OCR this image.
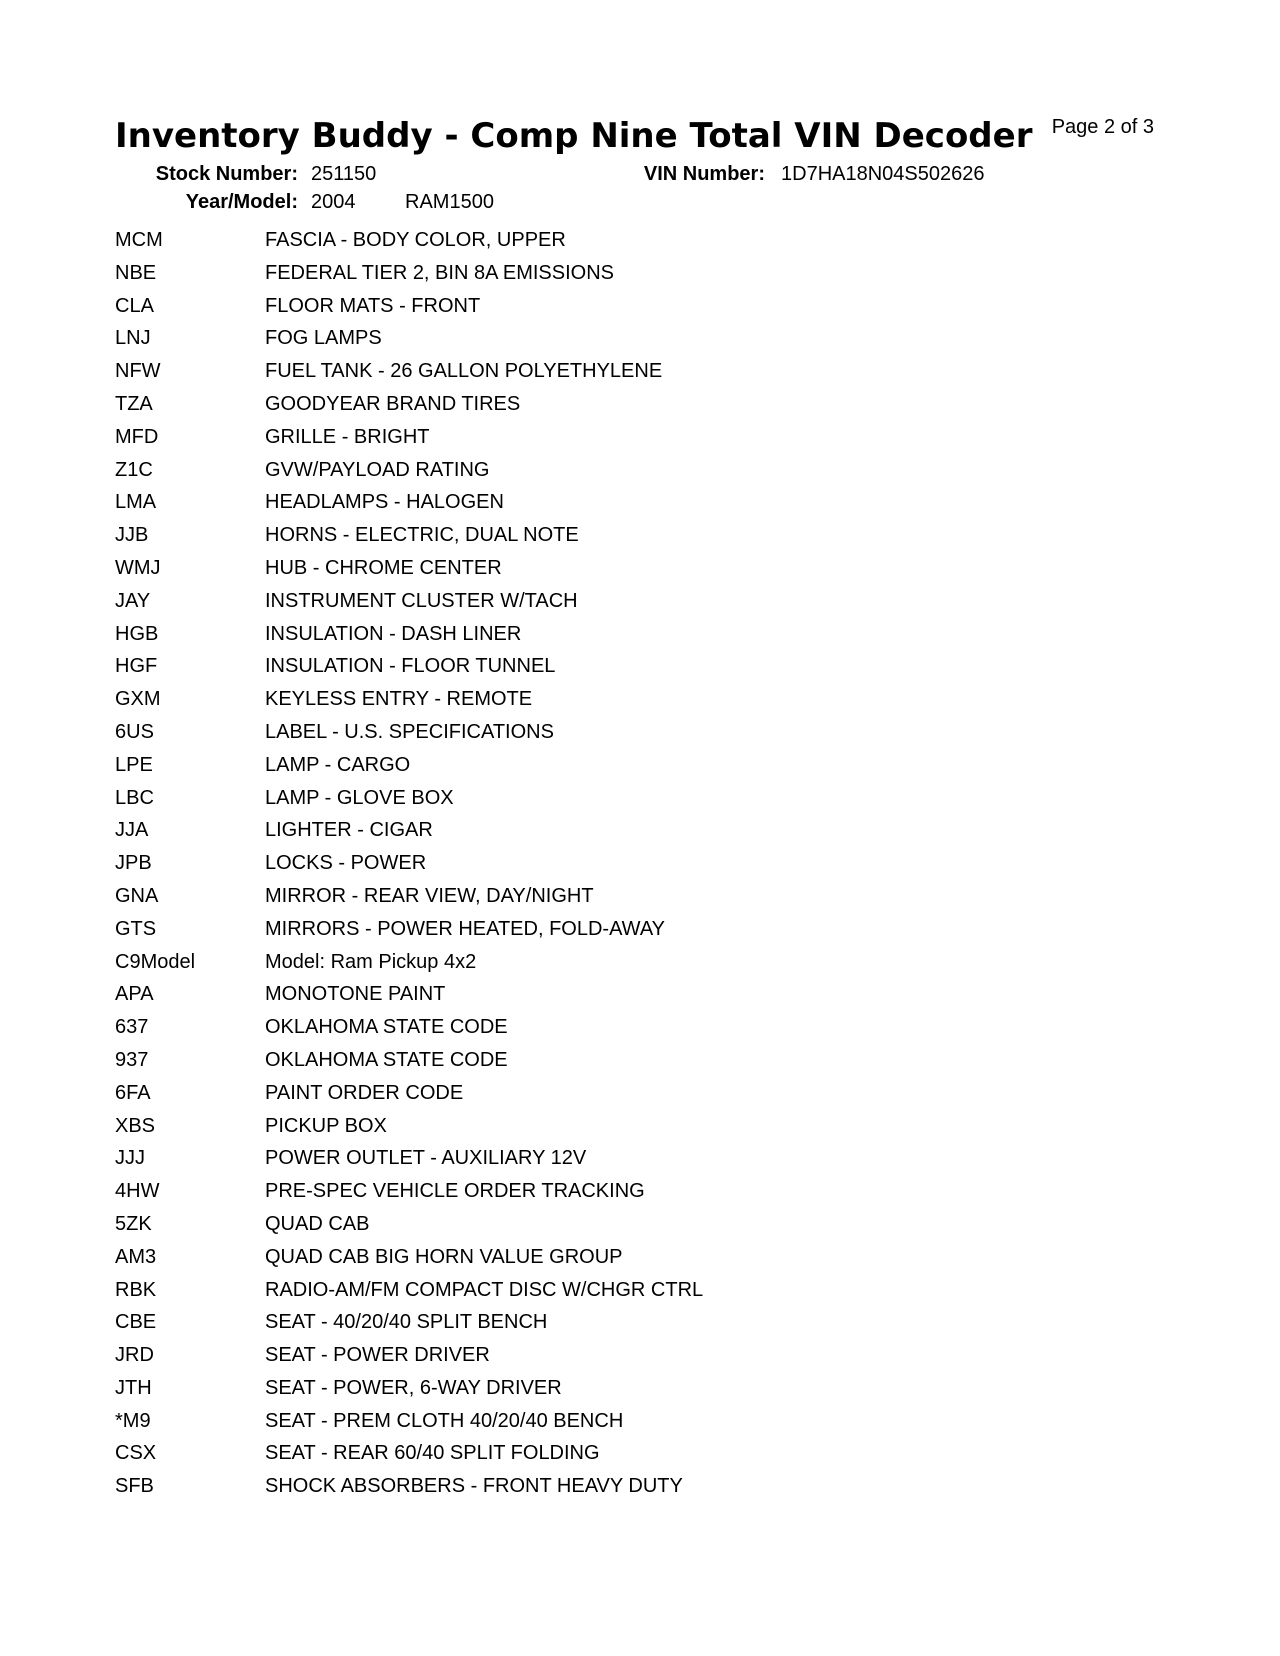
Inventory Buddy - Comp Nine Total VIN Decoder Page 2 of 3
Stock Number: 251150
Year/Model: 2004 RAM1500
VIN Number: 1D7HA18N04S502626
MCM	FASCIA - BODY COLOR, UPPER
NBE	FEDERAL TIER 2, BIN 8A EMISSIONS
CLA	FLOOR MATS - FRONT
LNJ	FOG LAMPS
NFW	FUEL TANK - 26 GALLON POLYETHYLENE
TZA	GOODYEAR BRAND TIRES
MFD	GRILLE - BRIGHT
Z1C	GVW/PAYLOAD RATING
LMA	HEADLAMPS - HALOGEN
JJB	HORNS - ELECTRIC, DUAL NOTE
WMJ	HUB - CHROME CENTER
JAY	INSTRUMENT CLUSTER W/TACH
HGB	INSULATION - DASH LINER
HGF	INSULATION - FLOOR TUNNEL
GXM	KEYLESS ENTRY - REMOTE
6US	LABEL - U.S. SPECIFICATIONS
LPE	LAMP - CARGO
LBC	LAMP - GLOVE BOX
JJA	LIGHTER - CIGAR
JPB	LOCKS - POWER
GNA	MIRROR - REAR VIEW, DAY/NIGHT
GTS	MIRRORS - POWER HEATED, FOLD-AWAY
C9Model	Model: Ram Pickup 4x2
APA	MONOTONE PAINT
637	OKLAHOMA STATE CODE
937	OKLAHOMA STATE CODE
6FA	PAINT ORDER CODE
XBS	PICKUP BOX
JJJ	POWER OUTLET - AUXILIARY 12V
4HW	PRE-SPEC VEHICLE ORDER TRACKING
5ZK	QUAD CAB
AM3	QUAD CAB BIG HORN VALUE GROUP
RBK	RADIO-AM/FM COMPACT DISC W/CHGR CTRL
CBE	SEAT - 40/20/40 SPLIT BENCH
JRD	SEAT - POWER DRIVER
JTH	SEAT - POWER, 6-WAY DRIVER
*M9	SEAT - PREM CLOTH 40/20/40 BENCH
CSX	SEAT - REAR 60/40 SPLIT FOLDING
SFB	SHOCK ABSORBERS - FRONT HEAVY DUTY
